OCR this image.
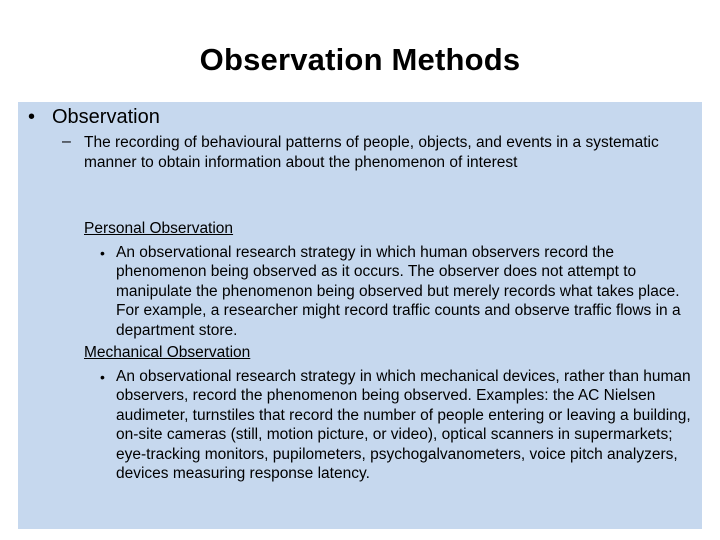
Observation Methods
• Observation
– The recording of behavioural patterns of people, objects, and events in a systematic manner to obtain information about the phenomenon of interest
Personal Observation
• An observational research strategy in which human observers record the phenomenon being observed as it occurs. The observer does not attempt to manipulate the phenomenon being observed but merely records what takes place. For example, a researcher might record traffic counts and observe traffic flows in a department store.
Mechanical Observation
• An observational research strategy in which mechanical devices, rather than human observers, record the phenomenon being observed. Examples: the AC Nielsen audimeter, turnstiles that record the number of people entering or leaving a building, on-site cameras (still, motion picture, or video), optical scanners in supermarkets; eye-tracking monitors, pupilometers, psychogalvanometers, voice pitch analyzers, devices measuring response latency.
